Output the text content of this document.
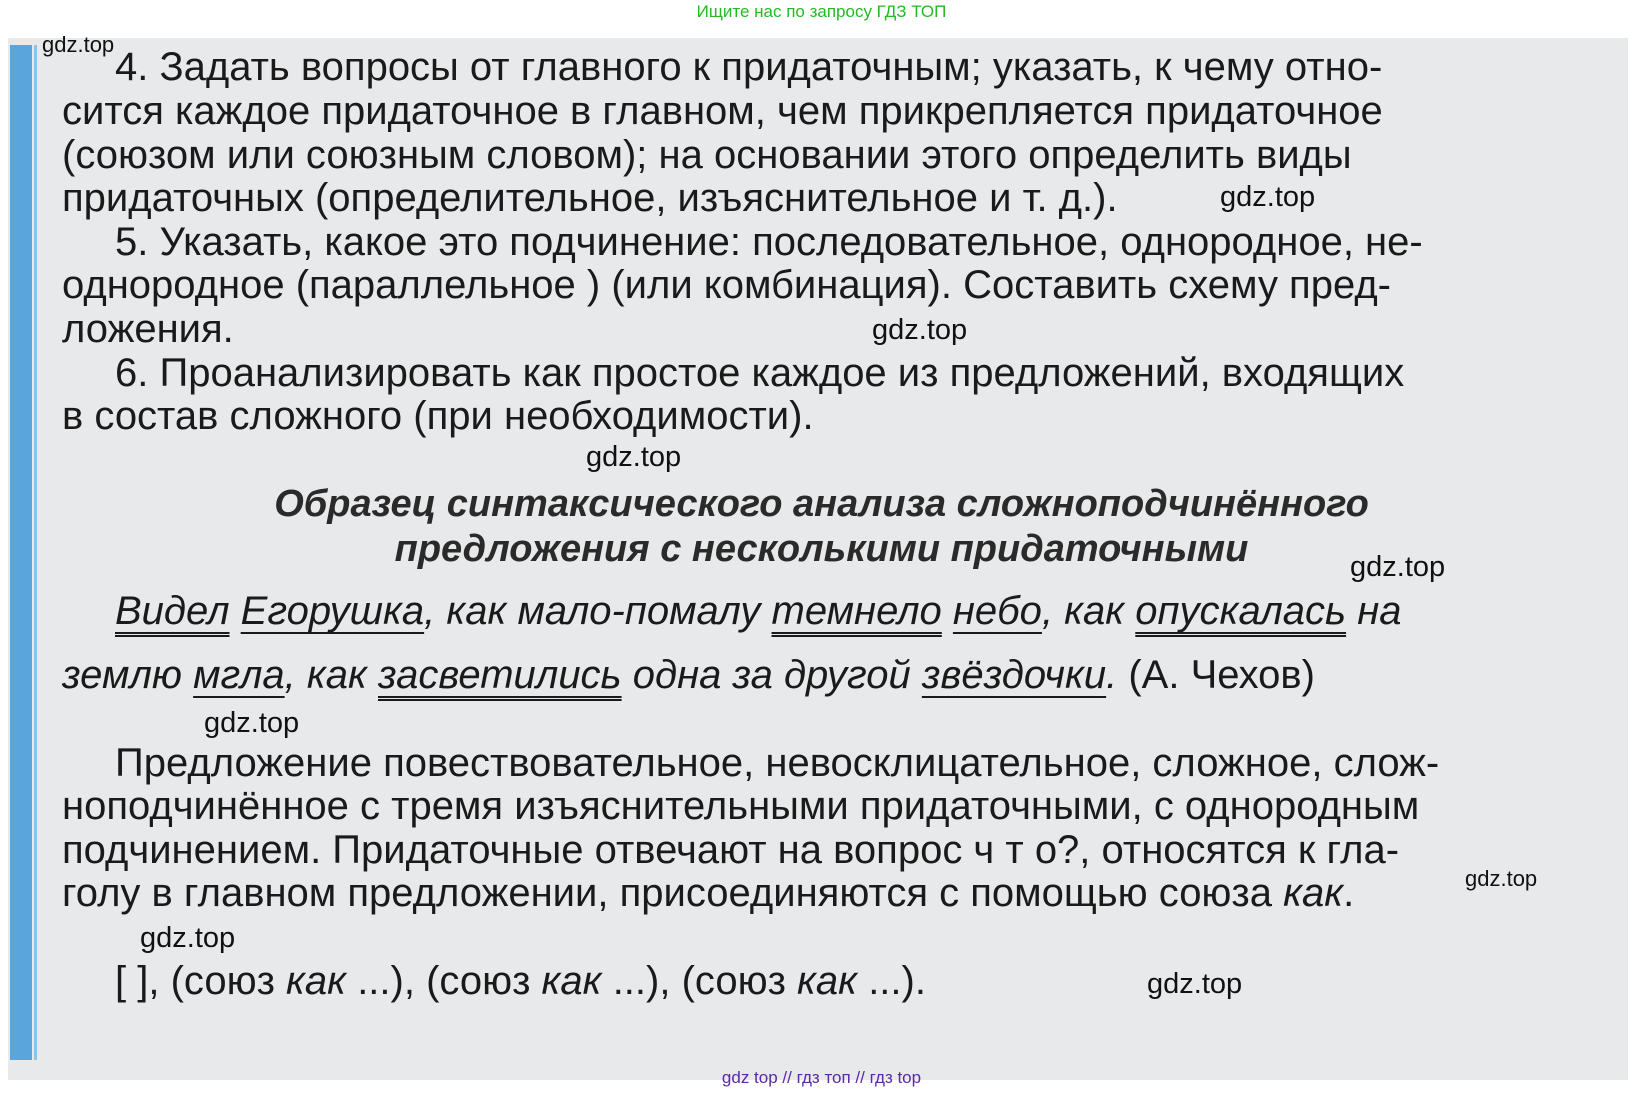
Ищите нас по запросу ГДЗ ТОП
4. Задать вопросы от главного к придаточным; указать, к чему отно-
сится каждое придаточное в главном, чем прикрепляется придаточное
(союзом или союзным словом); на основании этого определить виды
придаточных (определительное, изъяснительное и т. д.).
5. Указать, какое это подчинение: последовательное, однородное, не-
однородное (параллельное ) (или комбинация). Составить схему пред-
ложения.
6. Проанализировать как простое каждое из предложений, входящих
в состав сложного (при необходимости).
Образец синтаксического анализа сложноподчинённого
предложения с несколькими придаточными
Видел Егорушка, как мало-помалу темнело небо, как опускалась на
землю мгла, как засветились одна за другой звёздочки. (А. Чехов)
Предложение повествовательное, невосклицательное, сложное, слож-
ноподчинённое с тремя изъяснительными придаточными, с однородным
подчинением. Придаточные отвечают на вопрос ч т о?, относятся к гла-
голу в главном предложении, присоединяются с помощью союза как.
[ ], (союз как ...), (союз как ...), (союз как ...).
gdz.top
gdz.top
gdz.top
gdz.top
gdz.top
gdz.top
gdz.top
gdz.top
gdz.top
gdz top // гдз топ // гдз top
